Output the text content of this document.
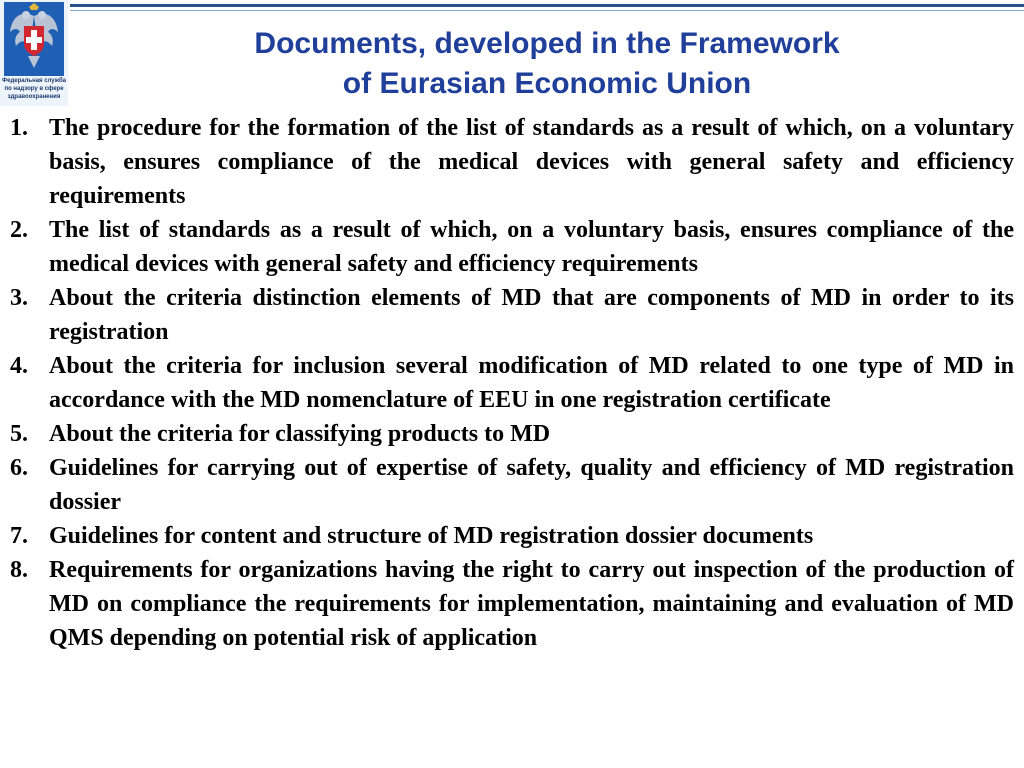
Федеральная служба
по надзору в сфере
здравоохранения
Documents, developed in the Framework
of Eurasian Economic Union
1. The procedure for the formation of the list of standards as a result of which, on a voluntary basis, ensures compliance of the medical devices with general safety and efficiency requirements
2. The list of standards as a result of which, on a voluntary basis, ensures compliance of the medical devices with general safety and efficiency requirements
3. About the criteria distinction elements of MD that are components of MD in order to its registration
4. About the criteria for inclusion several modification of MD related to one type of MD in accordance with the MD nomenclature of EEU in one registration certificate
5. About the criteria for classifying products to MD
6. Guidelines for carrying out of expertise of safety, quality and efficiency of MD registration dossier
7. Guidelines for content and structure of MD registration dossier documents
8. Requirements for organizations having the right to carry out inspection of the production of MD on compliance the requirements for implementation, maintaining and evaluation of MD QMS depending on potential risk of application
